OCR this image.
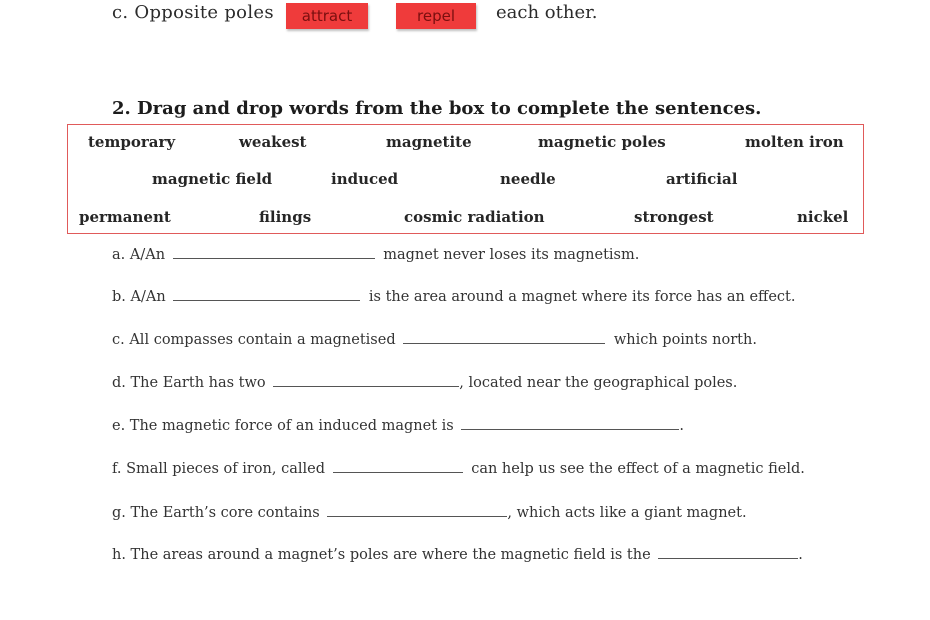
c. Opposite poles	attract	repel	each other.
2. Drag and drop words from the box to complete the sentences.
temporary	weakest	magnetite	magnetic poles	molten iron
magnetic field	induced	needle	artificial
permanent	filings	cosmic radiation	strongest	nickel
a. A/An	magnet never loses its magnetism.
b. A/An	is the area around a magnet where its force has an effect.
c. All compasses contain a magnetised	which points north.
d. The Earth has two	, located near the geographical poles.
e. The magnetic force of an induced magnet is	.
f. Small pieces of iron, called	can help us see the effect of a magnetic field.
g. The Earth’s core contains	, which acts like a giant magnet.
h. The areas around a magnet’s poles are where the magnetic field is the	.
